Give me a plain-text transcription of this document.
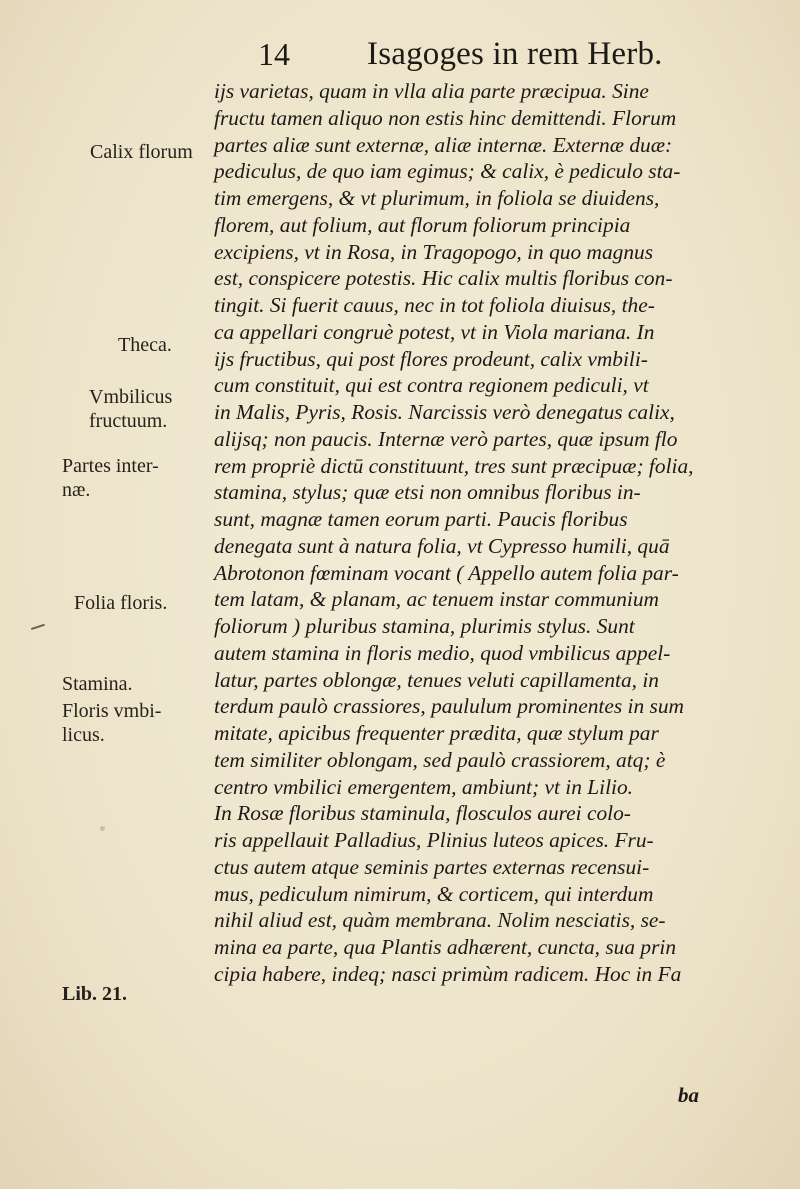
14 Isagoges in rem Herb.
ijs varietas, quam in vlla alia parte præcipua. Sine
fructu tamen aliquo non estis hinc demittendi. Florum
partes aliæ sunt externæ, aliæ internæ. Externæ duæ:
pediculus, de quo iam egimus; & calix, è pediculo sta-
tim emergens, & vt plurimum, in foliola se diuidens,
florem, aut folium, aut florum foliorum principia
excipiens, vt in Rosa, in Tragopogo, in quo magnus
est, conspicere potestis. Hic calix multis floribus con-
tingit. Si fuerit cauus, nec in tot foliola diuisus, the-
ca appellari congruè potest, vt in Viola mariana. In
ijs fructibus, qui post flores prodeunt, calix vmbili-
cum constituit, qui est contra regionem pediculi, vt
in Malis, Pyris, Rosis. Narcissis verò denegatus calix,
alijsq; non paucis. Internæ verò partes, quæ ipsum flo
rem propriè dictū constituunt, tres sunt præcipuæ; folia,
stamina, stylus; quæ etsi non omnibus floribus in-
sunt, magnæ tamen eorum parti. Paucis floribus
denegata sunt à natura folia, vt Cypresso humili, quā
Abrotonon fœminam vocant ( Appello autem folia par-
tem latam, & planam, ac tenuem instar communium
foliorum ) pluribus stamina, plurimis stylus. Sunt
autem stamina in floris medio, quod vmbilicus appel-
latur, partes oblongæ, tenues veluti capillamenta, in
terdum paulò crassiores, paululum prominentes in sum
mitate, apicibus frequenter prædita, quæ stylum par
tem similiter oblongam, sed paulò crassiorem, atq; è
centro vmbilici emergentem, ambiunt; vt in Lilio.
In Rosæ floribus staminula, flosculos aurei colo-
ris appellauit Palladius, Plinius luteos apices. Fru-
ctus autem atque seminis partes externas recensui-
mus, pediculum nimirum, & corticem, qui interdum
nihil aliud est, quàm membrana. Nolim nesciatis, se-
mina ea parte, qua Plantis adhærent, cuncta, sua prin
cipia habere, indeq; nasci primùm radicem. Hoc in Fa
Calix florum
Theca.
Vmbilicus
fructuum.
Partes inter-
næ.
Folia floris.
Stamina.
Floris vmbi-
licus.
Lib. 21.
ba
